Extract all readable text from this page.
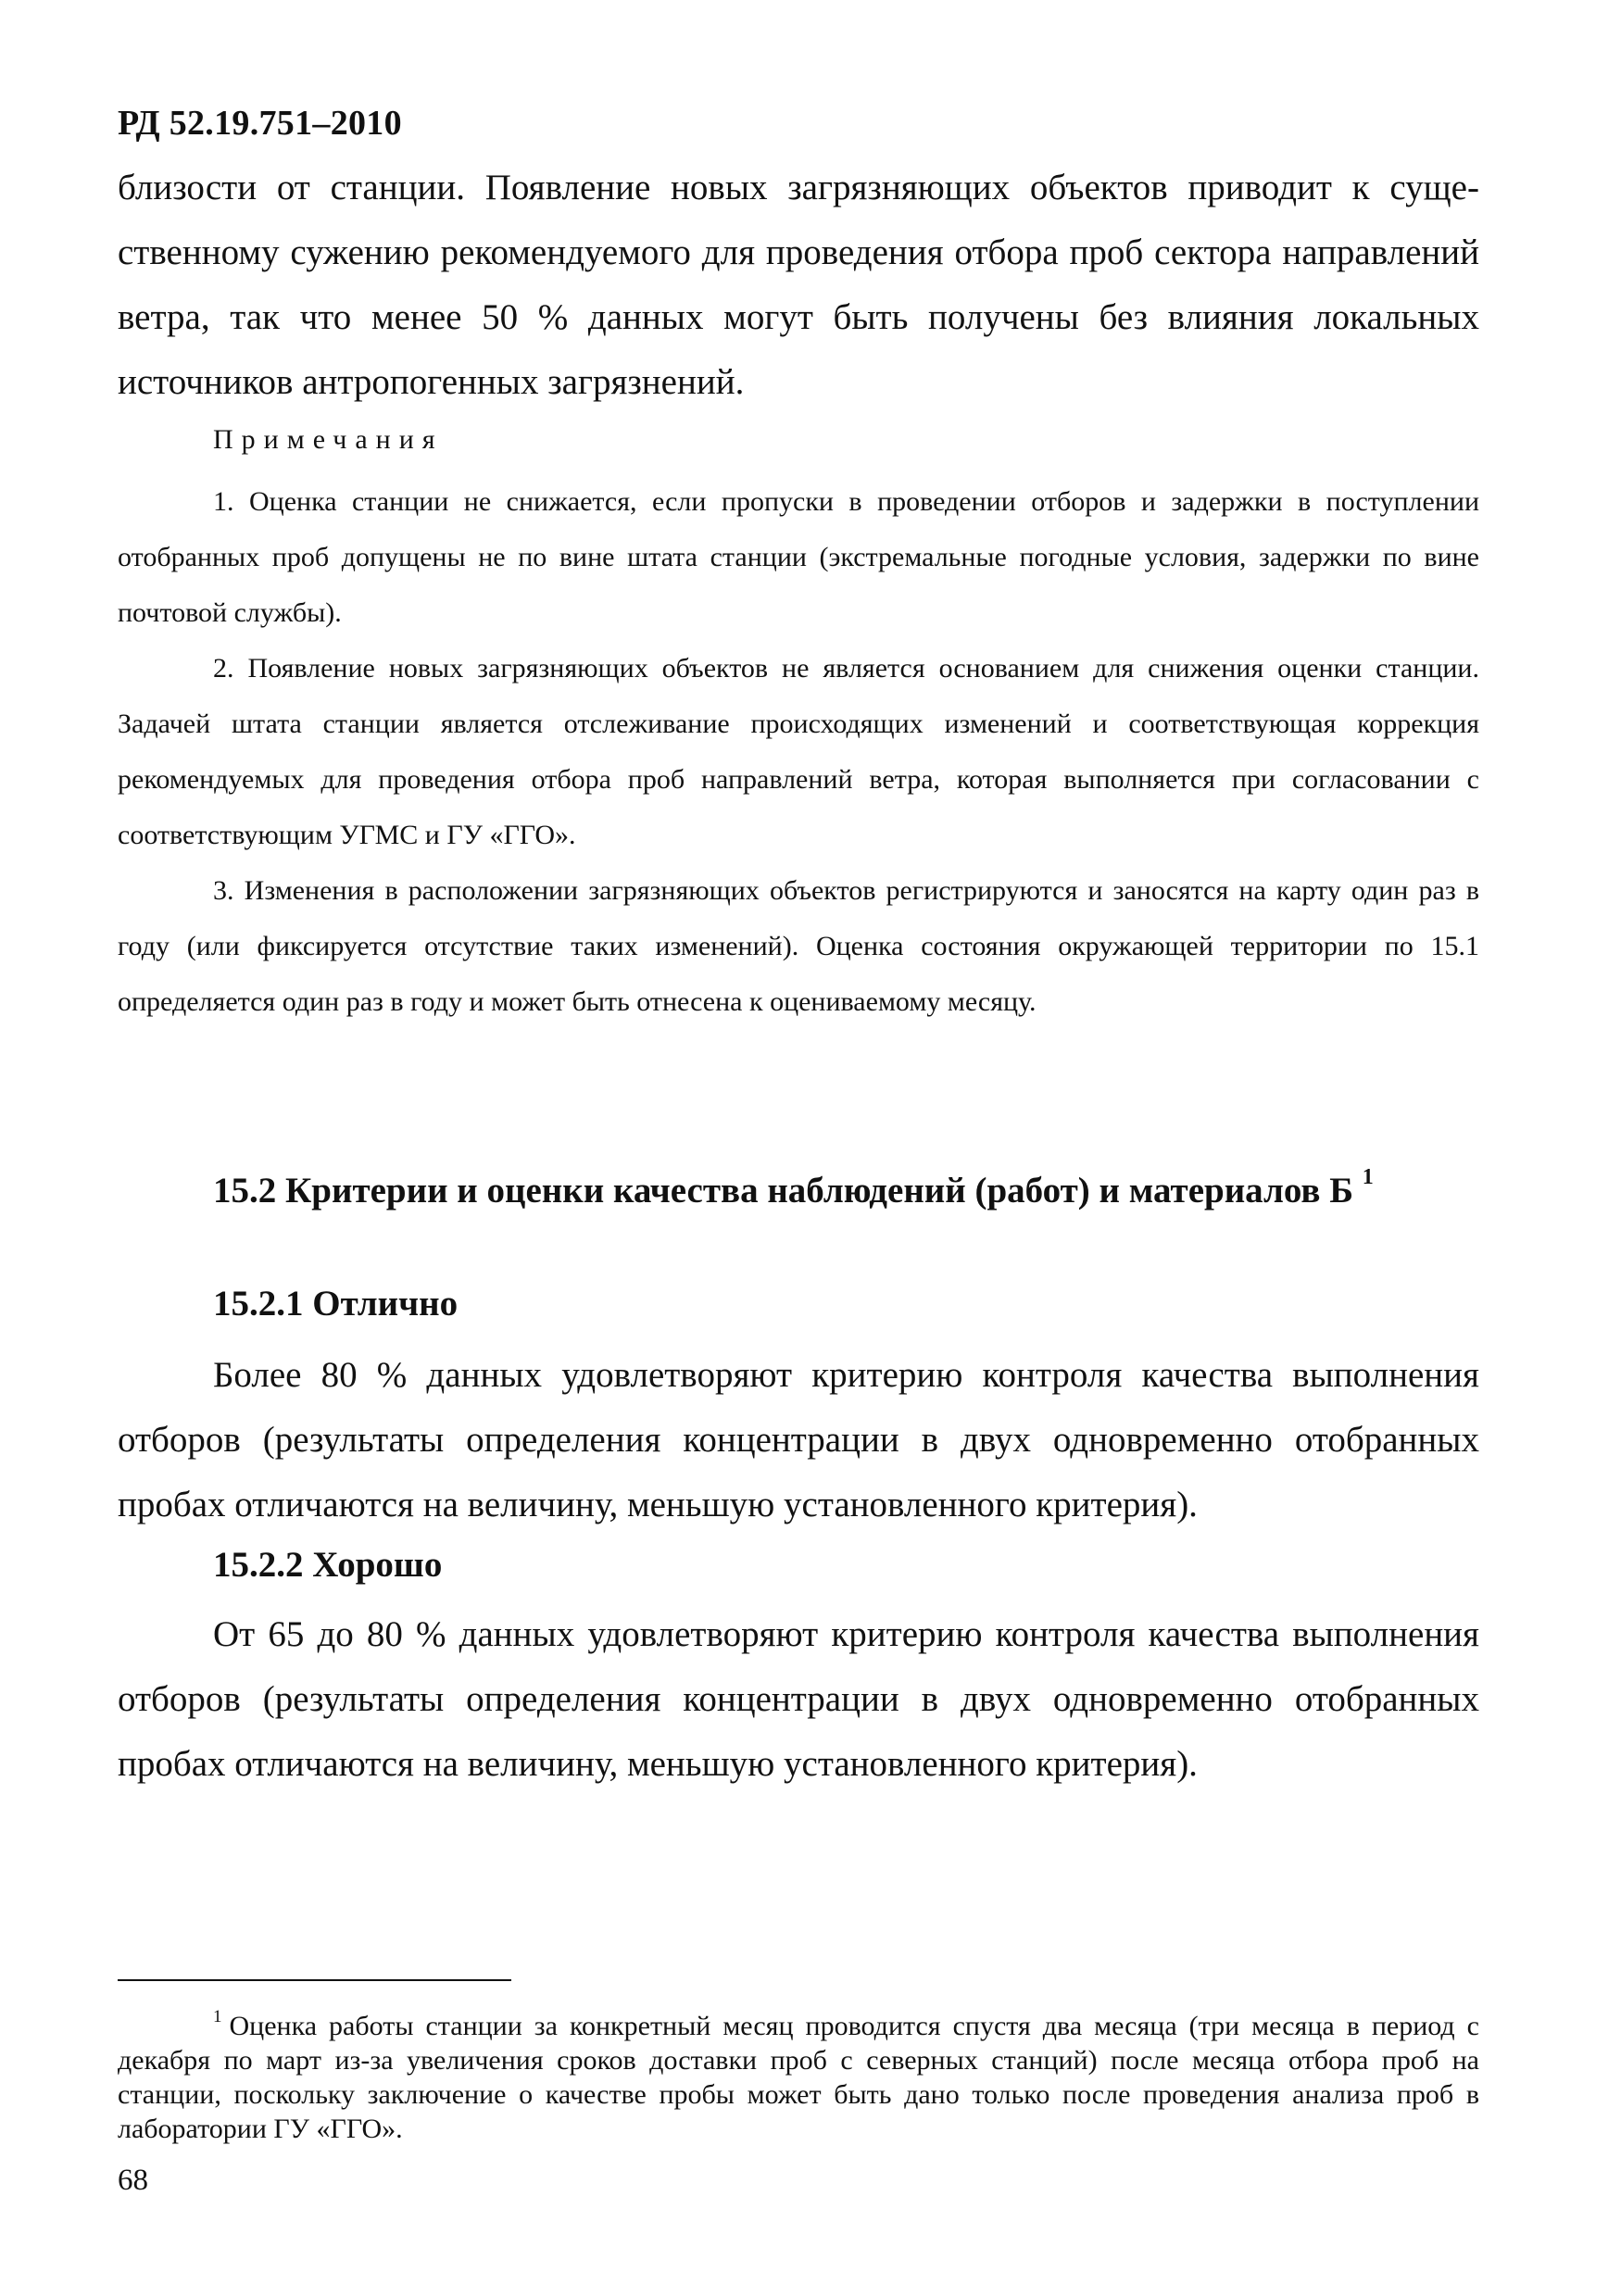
РД 52.19.751–2010
близости от станции. Появление новых загрязняющих объектов приводит к существенному сужению рекомендуемого для проведения отбора проб сектора направлений ветра, так что менее 50 % данных могут быть получены без влияния локальных источников антропогенных загрязнений.
Примечания
1. Оценка станции не снижается, если пропуски в проведении отборов и задержки в поступлении отобранных проб допущены не по вине штата станции (экстремальные погодные условия, задержки по вине почтовой службы).
2. Появление новых загрязняющих объектов не является основанием для снижения оценки станции. Задачей штата станции является отслеживание происходящих изменений и соответствующая коррекция рекомендуемых для проведения отбора проб направлений ветра, которая выполняется при согласовании с соответствующим УГМС и ГУ «ГГО».
3. Изменения в расположении загрязняющих объектов регистрируются и заносятся на карту один раз в году (или фиксируется отсутствие таких изменений). Оценка состояния окружающей территории по 15.1 определяется один раз в году и может быть отнесена к оцениваемому месяцу.
15.2 Критерии и оценки качества наблюдений (работ) и материалов Б $^1$
15.2.1 Отлично
Более 80 % данных удовлетворяют критерию контроля качества выполнения отборов (результаты определения концентрации в двух одновременно отобранных пробах отличаются на величину, меньшую установленного критерия).
15.2.2 Хорошо
От 65 до 80 % данных удовлетворяют критерию контроля качества выполнения отборов (результаты определения концентрации в двух одновременно отобранных пробах отличаются на величину, меньшую установленного критерия).
$^1$ Оценка работы станции за конкретный месяц проводится спустя два месяца (три месяца в период с декабря по март из-за увеличения сроков доставки проб с северных станций) после месяца отбора проб на станции, поскольку заключение о качестве пробы может быть дано только после проведения анализа проб в лаборатории ГУ «ГГО».
68
